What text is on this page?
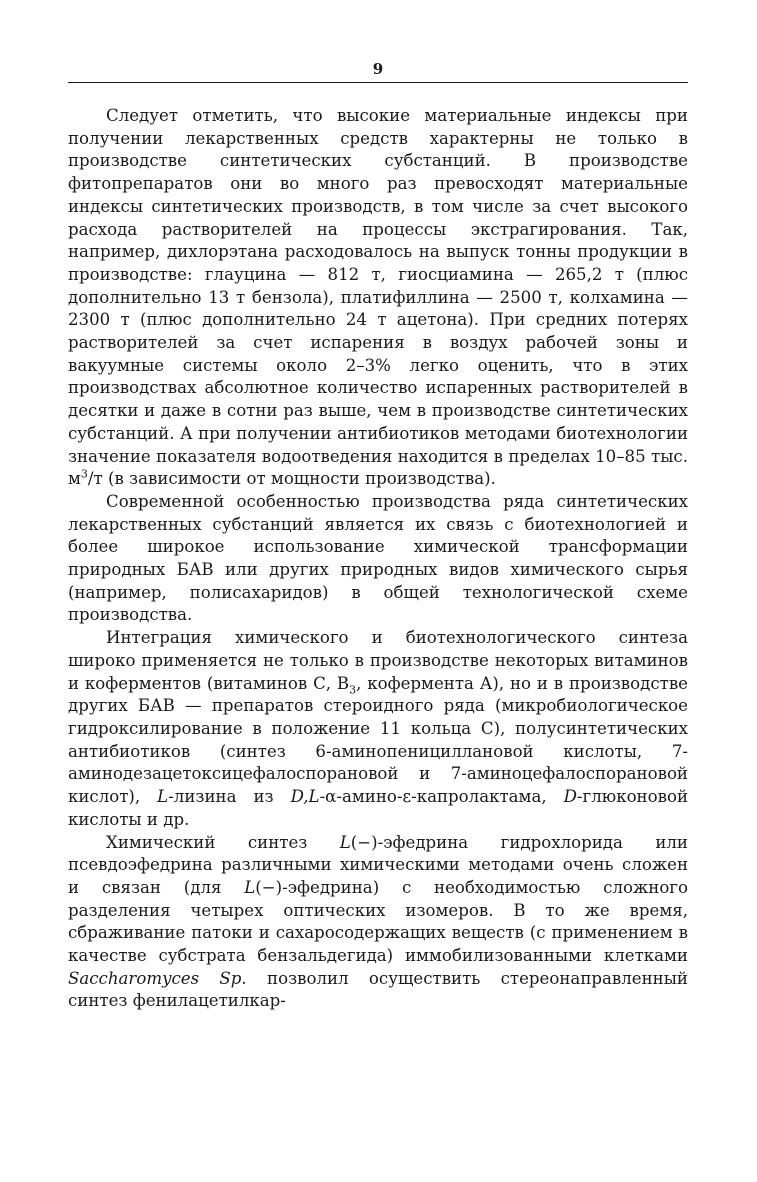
9

Следует отметить, что высокие материальные индексы при получении лекарственных средств характерны не только в производстве синтетических субстанций. В производстве фитопрепаратов они во много раз превосходят материальные индексы синтетических производств, в том числе за счет высокого расхода растворителей на процессы экстрагирования. Так, например, дихлорэтана расходовалось на выпуск тонны продукции в производстве: глауцина — 812 т, гиосциамина — 265,2 т (плюс дополнительно 13 т бензола), платифиллина — 2500 т, колхамина — 2300 т (плюс дополнительно 24 т ацетона). При средних потерях растворителей за счет испарения в воздух рабочей зоны и вакуумные системы около 2–3% легко оценить, что в этих производствах абсолютное количество испаренных растворителей в десятки и даже в сотни раз выше, чем в производстве синтетических субстанций. А при получении антибиотиков методами биотехнологии значение показателя водоотведения находится в пределах 10–85 тыс. $м^3/т$ (в зависимости от мощности производства).

Современной особенностью производства ряда синтетических лекарственных субстанций является их связь с биотехнологией и более широкое использование химической трансформации природных БАВ или других природных видов химического сырья (например, полисахаридов) в общей технологической схеме производства.

Интеграция химического и биотехнологического синтеза широко применяется не только в производстве некоторых витаминов и коферментов (витаминов С, $В_3$, кофермента А), но и в производстве других БАВ — препаратов стероидного ряда (микробиологическое гидроксилирование в положение 11 кольца С), полусинтетических антибиотиков (синтез 6-аминопенициллановой кислоты, 7-аминодезацетоксицефалоспорановой и 7-аминоцефалоспорановой кислот), L-лизина из D,L-α-амино-ε-капролактама, D-глюконовой кислоты и др.

Химический синтез L(−)-эфедрина гидрохлорида или псевдоэфедрина различными химическими методами очень сложен и связан (для L(−)-эфедрина) с необходимостью сложного разделения четырех оптических изомеров. В то же время, сбраживание патоки и сахаросодержащих веществ (с применением в качестве субстрата бензальдегида) иммобилизованными клетками Saccharomyces Sp. позволил осуществить стереонаправленный синтез фенилацетилкар-
